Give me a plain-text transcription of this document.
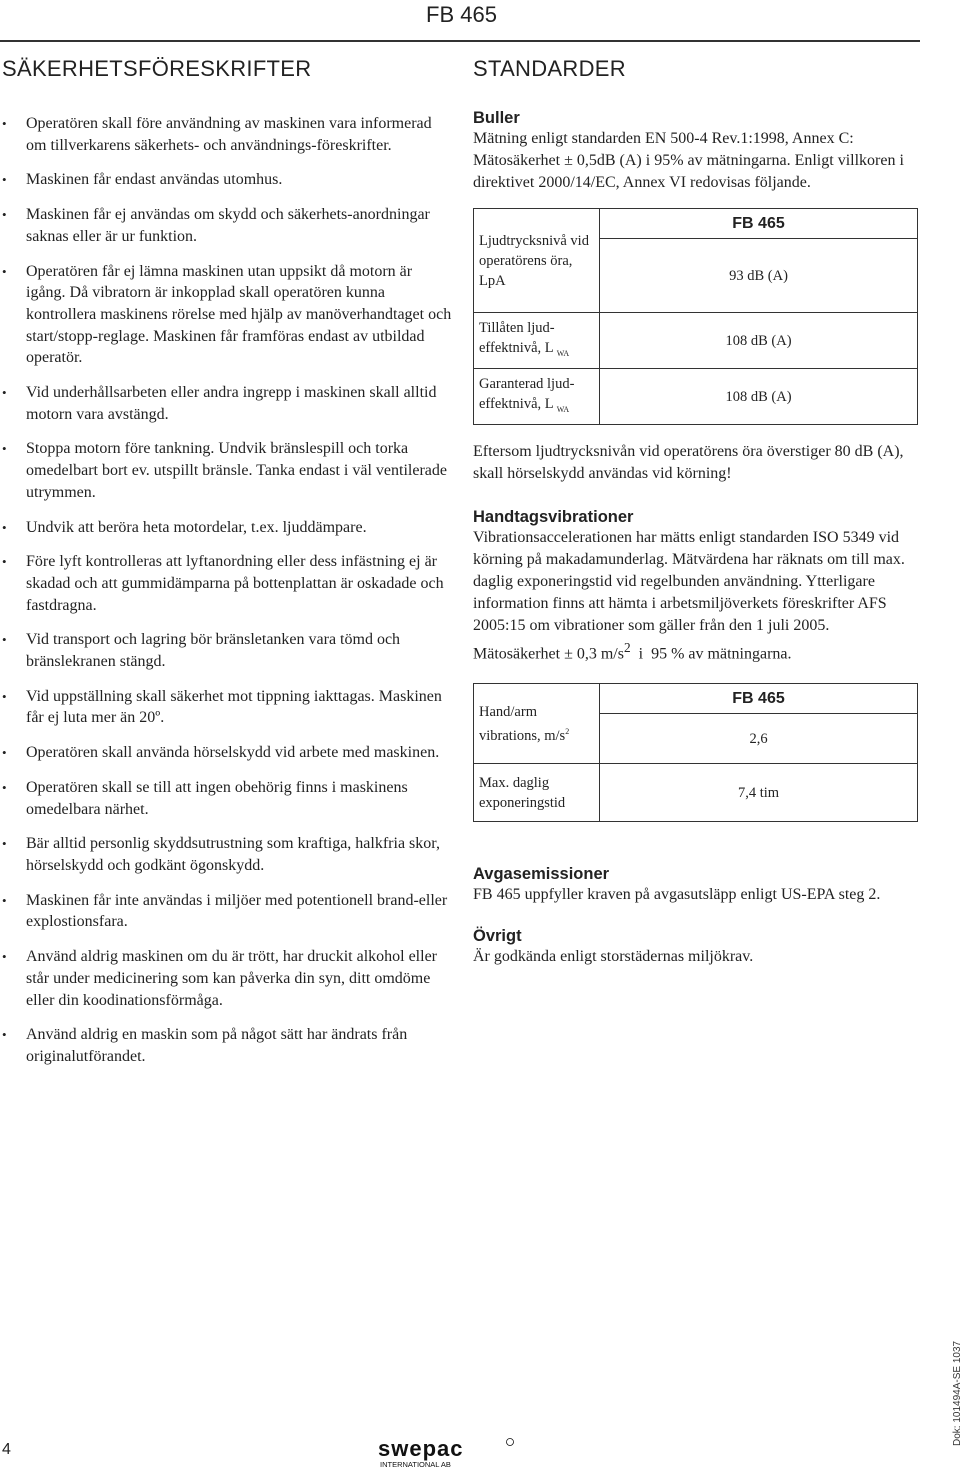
FB 465
SÄKERHETSFÖRESKRIFTER
• Operatören skall före användning av maskinen vara informerad om tillverkarens säkerhets- och användnings-föreskrifter.
• Maskinen får endast användas utomhus.
• Maskinen får ej användas om skydd och säkerhets-anordningar saknas eller är ur funktion.
• Operatören får ej lämna maskinen utan uppsikt då motorn är igång. Då vibratorn är inkopplad skall operatören kunna kontrollera maskinens rörelse med hjälp av manöverhandtaget och start/stopp-reglage. Maskinen får framföras endast av utbildad operatör.
• Vid underhållsarbeten eller andra ingrepp i maskinen skall alltid motorn vara avstängd.
• Stoppa motorn före tankning. Undvik bränslespill och torka omedelbart bort ev. utspillt bränsle. Tanka endast i väl ventilerade utrymmen.
• Undvik att beröra heta motordelar, t.ex. ljuddämpare.
• Före lyft kontrolleras att lyftanordning eller dess infästning ej är skadad och att gummidämparna på bottenplattan är oskadade och fastdragna.
• Vid transport och lagring bör bränsletanken vara tömd och bränslekranen stängd.
• Vid uppställning skall säkerhet mot tippning iakttagas. Maskinen får ej luta mer än 20º.
• Operatören skall använda hörselskydd vid arbete med maskinen.
• Operatören skall se till att ingen obehörig finns i maskinens omedelbara närhet.
• Bär alltid personlig skyddsutrustning som kraftiga, halkfria skor, hörselskydd och godkänt ögonskydd.
• Maskinen får inte användas i miljöer med potentionell brand-eller explostionsfara.
• Använd aldrig maskinen om du är trött, har druckit alkohol eller står under medicinering som kan påverka din syn, ditt omdöme eller din koodinationsförmåga.
• Använd aldrig en maskin som på något sätt har ändrats från originalutförandet.
STANDARDER
Buller

Mätning enligt standarden EN 500-4 Rev.1:1998, Annex C: Mätosäkerhet ± 0,5dB (A) i 95% av mätningarna. Enligt villkoren i direktivet 2000/14/EC, Annex VI redovisas följande.

Ljudtrycksnivå vid operatörens öra, LpA	FB 465
	93 dB (A)
Tillåten ljud-effektnivå, L $_{WA}$	108 dB (A)
Garanterad ljud-effektnivå, L $_{WA}$	108 dB (A)

Eftersom ljudtrycksnivån vid operatörens öra överstiger 80 dB (A), skall hörselskydd användas vid körning!

Handtagsvibrationer

Vibrationsaccelerationen har mätts enligt standarden ISO 5349 vid körning på makadamunderlag. Mätvärdena har räknats om till max. daglig exponeringstid vid regelbunden användning. Ytterligare information finns att hämta i arbetsmiljöverkets föreskrifter AFS 2005:15 om vibrationer som gäller från den 1 juli 2005.

Mätosäkerhet ± 0,3 $m/s^2$  i  95 % av mätningarna.

Hand/arm vibrations, $m/s^2$	FB 465
	2,6
Max. daglig exponeringstid	7,4 tim
Avgasemissioner

FB 465 uppfyller kraven på avgasutsläpp enligt US-EPA steg 2.

Övrigt

Är godkända enligt storstädernas miljökrav.

4	swepac
INTERNATIONAL AB
Dok: 101494A-SE 1037
